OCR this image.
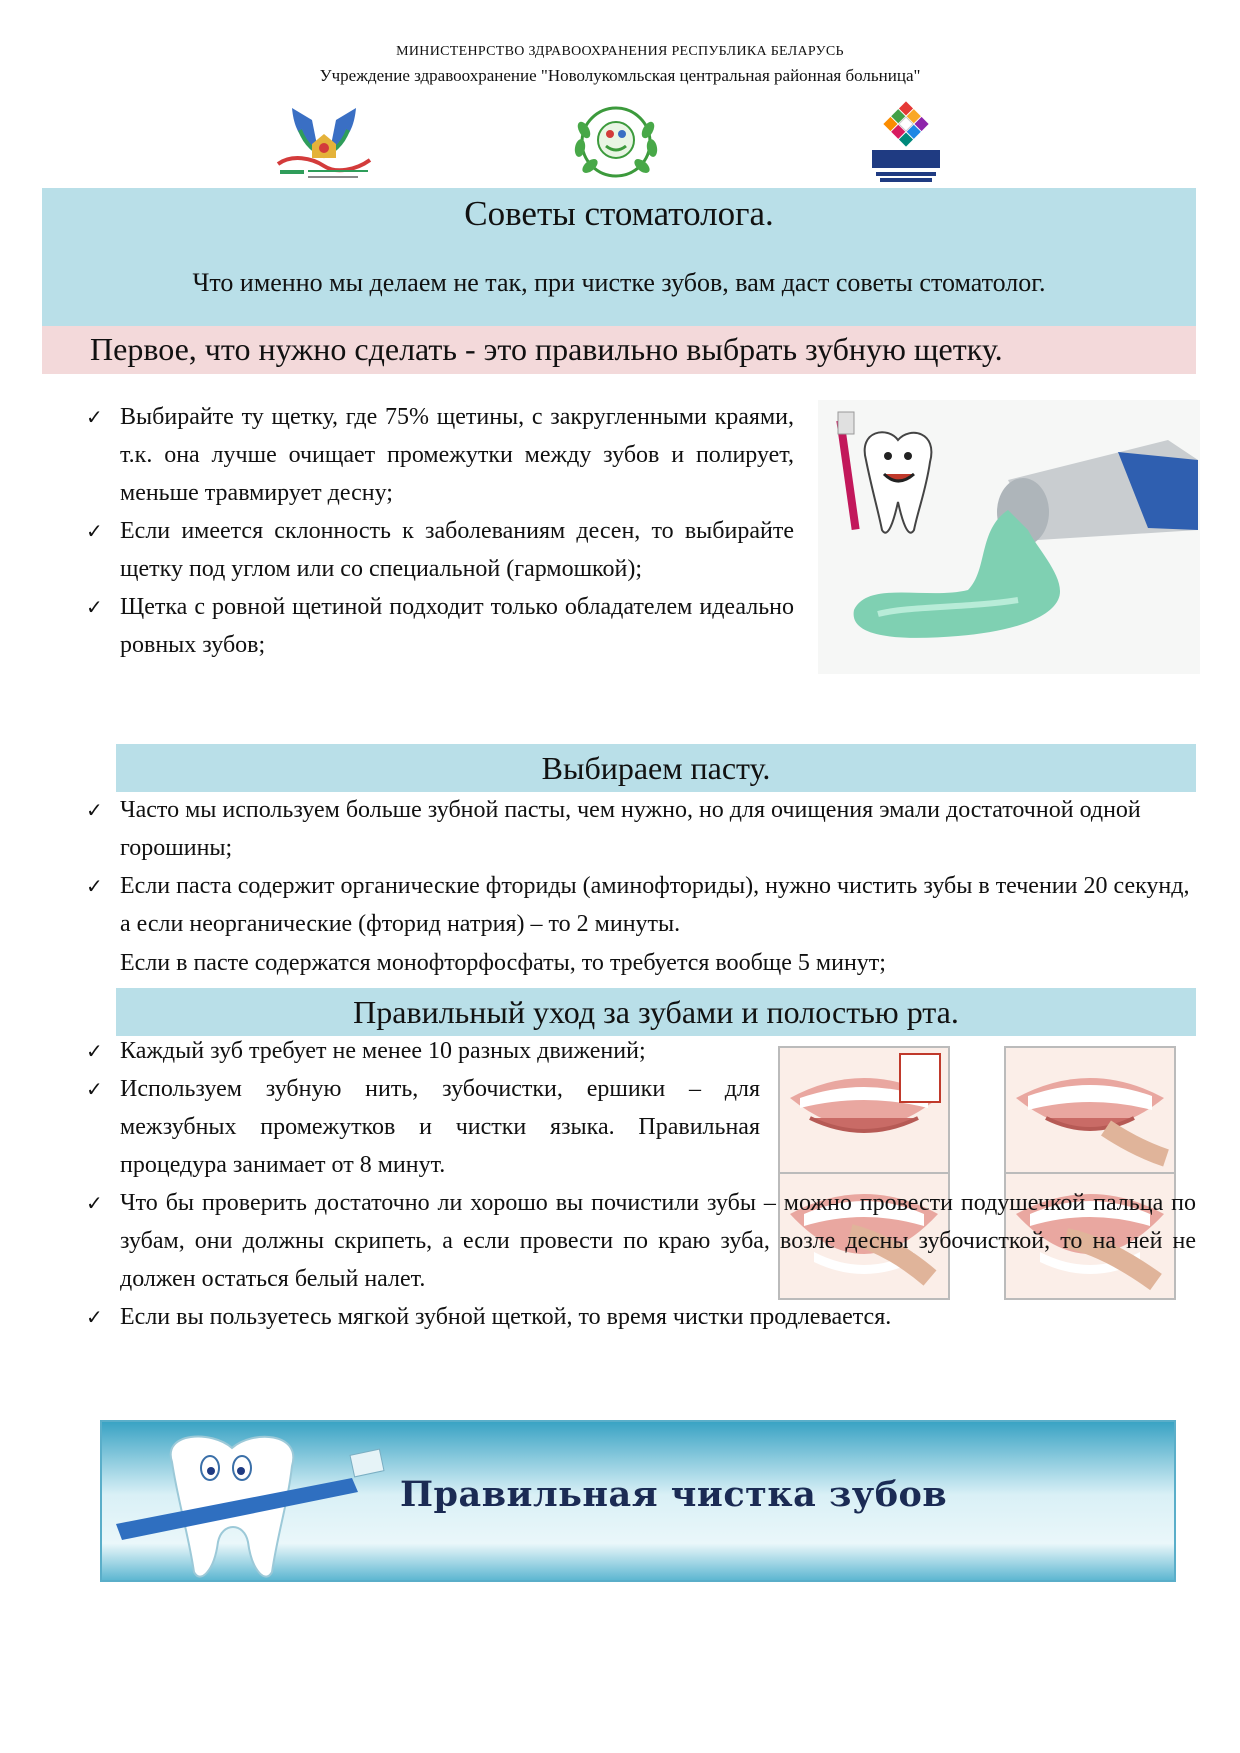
МИНИСТЕНРСТВО ЗДРАВООХРАНЕНИЯ РЕСПУБЛИКА БЕЛАРУСЬ
Учреждение здравоохранение "Новолукомльская центральная районная больница"
Советы стоматолога.
Что именно мы делаем не так, при чистке зубов, вам даст советы стоматолог.
Первое, что нужно сделать - это правильно выбрать зубную щетку.
✓ Выбирайте ту щетку, где 75% щетины, с закругленными краями, т.к. она лучше очищает промежутки между зубов и полирует, меньше травмирует десну;
✓ Если имеется склонность к заболеваниям десен, то выбирайте щетку под углом или со специальной (гармошкой);
✓ Щетка с ровной щетиной подходит только обладателем идеально ровных зубов;
Выбираем пасту.
✓ Часто мы используем больше зубной пасты, чем нужно, но для очищения эмали достаточной одной горошины;
✓ Если паста содержит органические фториды (аминофториды), нужно чистить зубы в течении 20 секунд, а если неорганические (фторид натрия) – то 2 минуты.
Если в пасте содержатся монофторфосфаты, то требуется вообще 5 минут;
Правильный уход за зубами и полостью рта.
✓ Каждый зуб требует не менее 10 разных движений;
✓ Используем зубную нить, зубочистки, ершики – для межзубных промежутков и чистки языка. Правильная процедура занимает от 8 минут.
✓ Что бы проверить достаточно ли хорошо вы почистили зубы – можно провести подушечкой пальца по зубам, они должны скрипеть, а если провести по краю зуба, возле десны зубочисткой, то на ней не должен остаться белый налет.
✓ Если вы пользуетесь мягкой зубной щеткой, то время чистки продлевается.
Правильная чистка зубов
